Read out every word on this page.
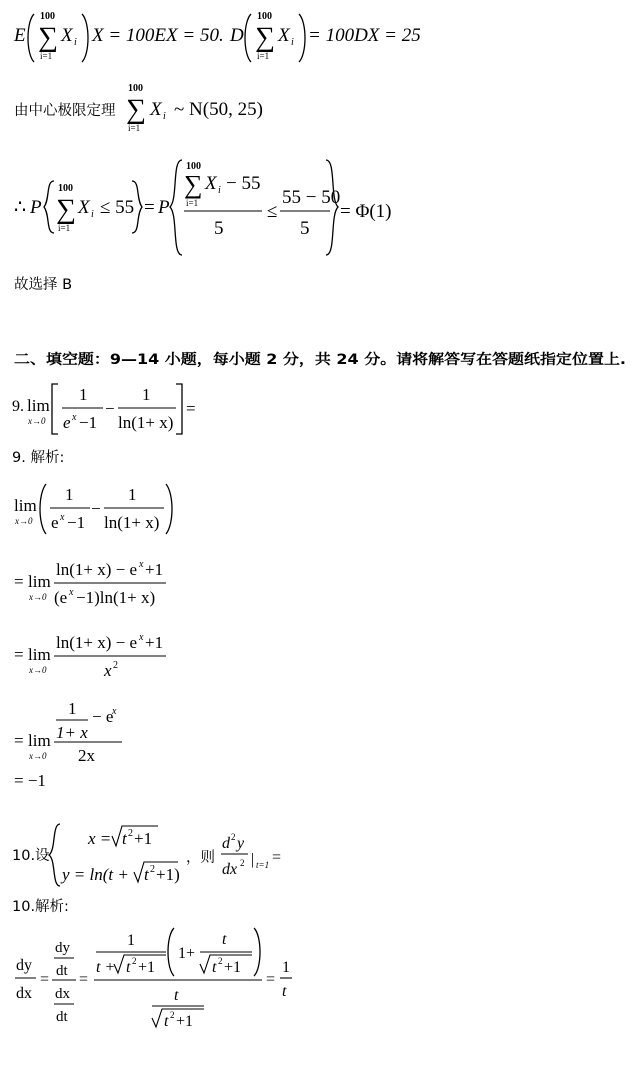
E
100
∑
i=1
X i X = 100EX = 50. D
100
∑
i=1
X i = 100DX = 25
由中心极限定理
100
∑
i=1
X i ~ N(50, 25)
∴ P
100
∑
i=1
X i ≤ 55 = P
100
∑
i=1
X i − 55
5
≤
55 − 50
5
= Φ(1)
故选择 B
二、填空题：9—14 小题，每小题 2 分，共 24 分。请将解答写在答题纸指定位置上.
9. lim
x→0
1
e x −1
−
1
ln(1+ x)
=
9. 解析:
lim
x→0
1
e x −1
−
1
ln(1+ x)
= lim
x→0
ln(1+ x) − e x +1
(e x −1)ln(1+ x)
= lim
x→0
ln(1+ x) − e x +1
x 2
= lim
x→0
1
1+ x
− e
x
2x
= −1
10.设
x = t 2 +1
y = ln(t + t 2 +1)
，则
d 2 y
dx 2 | t=1 =
10.解析:
dy
dx
=
dy
dt
dx
dt
=
1
t + t 2 +1
1+
t
t 2 +1
t
t 2 +1
=
1
t
